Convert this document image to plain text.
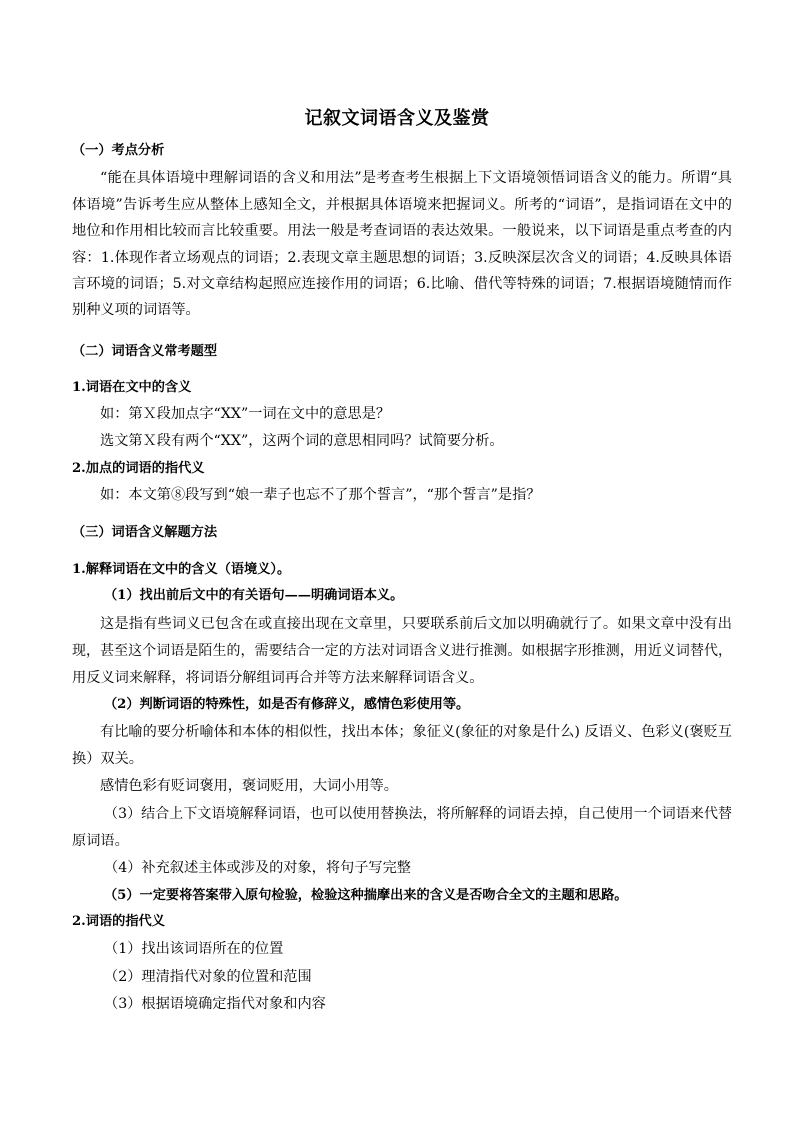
记叙文词语含义及鉴赏
（一）考点分析
“能在具体语境中理解词语的含义和用法”是考查考生根据上下文语境领悟词语含义的能力。所谓“具
体语境”告诉考生应从整体上感知全文，并根据具体语境来把握词义。所考的“词语”，是指词语在文中的
地位和作用相比较而言比较重要。用法一般是考查词语的表达效果。一般说来，以下词语是重点考查的内
容：1.体现作者立场观点的词语；2.表现文章主题思想的词语；3.反映深层次含义的词语；4.反映具体语
言环境的词语；5.对文章结构起照应连接作用的词语；6.比喻、借代等特殊的词语；7.根据语境随情而作
别种义项的词语等。
（二）词语含义常考题型
1.词语在文中的含义
如：第Ｘ段加点字“XX”一词在文中的意思是？
选文第Ｘ段有两个“XX”，这两个词的意思相同吗？试简要分析。
2.加点的词语的指代义
如：本文第⑧段写到“娘一辈子也忘不了那个誓言”，“那个誓言”是指？
（三）词语含义解题方法
1.解释词语在文中的含义（语境义）。
（1）找出前后文中的有关语句——明确词语本义。
这是指有些词义已包含在或直接出现在文章里，只要联系前后文加以明确就行了。如果文章中没有出
现，甚至这个词语是陌生的，需要结合一定的方法对词语含义进行推测。如根据字形推测，用近义词替代，
用反义词来解释，将词语分解组词再合并等方法来解释词语含义。
（2）判断词语的特殊性，如是否有修辞义，感情色彩使用等。
有比喻的要分析喻体和本体的相似性，找出本体；象征义(象征的对象是什么) 反语义、色彩义(褒贬互
换）双关。
感情色彩有贬词褒用，褒词贬用，大词小用等。
（3）结合上下文语境解释词语，也可以使用替换法，将所解释的词语去掉，自己使用一个词语来代替
原词语。
（4）补充叙述主体或涉及的对象，将句子写完整
（5）一定要将答案带入原句检验，检验这种揣摩出来的含义是否吻合全文的主题和思路。
2.词语的指代义
（1）找出该词语所在的位置
（2）理清指代对象的位置和范围
（3）根据语境确定指代对象和内容
